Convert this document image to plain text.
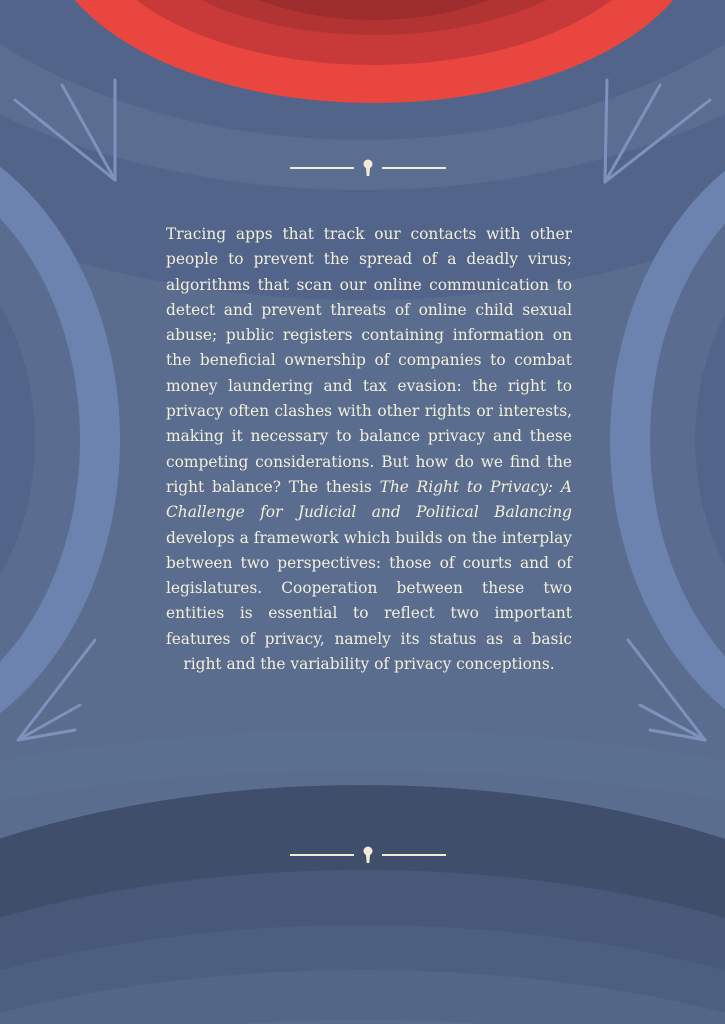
Tracing apps that track our contacts with other people to prevent the spread of a deadly virus; algorithms that scan our online communication to detect and prevent threats of online child sexual abuse; public registers containing information on the beneficial ownership of companies to combat money laundering and tax evasion: the right to privacy often clashes with other rights or interests, making it necessary to balance privacy and these competing considerations. But how do we find the right balance? The thesis The Right to Privacy: A Challenge for Judicial and Political Balancing develops a framework which builds on the interplay between two perspectives: those of courts and of legislatures. Cooperation between these two entities is essential to reflect two important features of privacy, namely its status as a basic right and the variability of privacy conceptions.
